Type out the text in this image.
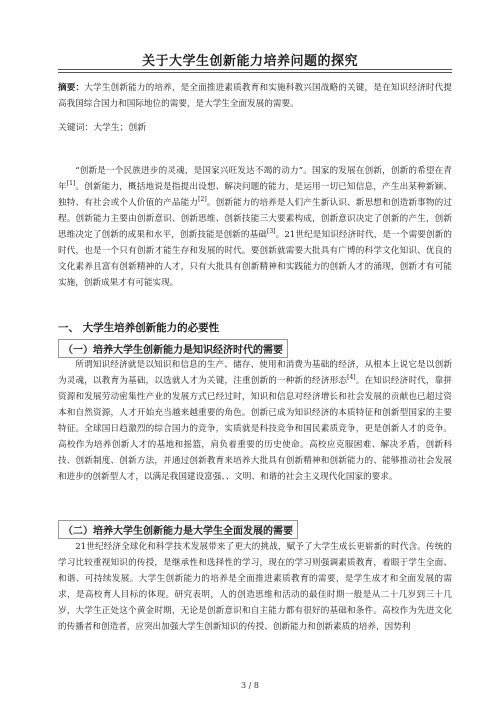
关于大学生创新能力培养问题的探究
摘要：大学生创新能力的培养，是全面推进素质教育和实施科教兴国战略的关键，是在知识经济时代提高我国综合国力和国际地位的需要，是大学生全面发展的需要。
关键词：大学生；创新

“创新是一个民族进步的灵魂，是国家兴旺发达不竭的动力”。国家的发展在创新，创新的希望在青年[1]。创新能力，概括地说是指提出设想、解决问题的能力，是运用一切已知信息，产生出某种新颖、独特、有社会或个人价值的产品能力[2]。创新能力的培养是人们产生新认识、新思想和创造新事物的过程。创新能力主要由创新意识、创新思维、创新技能三大要素构成，创新意识决定了创新的产生，创新思维决定了创新的成果和水平，创新技能是创新的基础[3]。21世纪是知识经济时代，是一个需要创新的时代，也是一个只有创新才能生存和发展的时代。要创新就需要大批具有广博的科学文化知识、优良的文化素养且富有创新精神的人才，只有大批具有创新精神和实践能力的创新人才的涌现，创新才有可能实施，创新成果才有可能实现。

一、 大学生培养创新能力的必要性
（一）培养大学生创新能力是知识经济时代的需要

所谓知识经济就是以知识和信息的生产、储存、使用和消费为基础的经济，从根本上说它是以创新为灵魂，以教育为基础，以选就人才为关键，注重创新的一种新的经济形态[4]。在知识经济时代，靠拼资源和发展劳动密集性产业的发展方式已经过时，知识和信息对经济增长和社会发展的贡献也已超过资本和自然资源，人才开始充当越来越重要的角色。创新已成为知识经济的本质特征和创新型国家的主要特征。全球国日趋激烈的综合国力的竞争，实质就是科技竞争和国民素质竞争，更是创新人才的竞争。高校作为培养创新人才的基地和摇篮，肩负着重要的历史使命。高校应克服困难、解决矛盾，创新科技、创新制度、创新方法，并通过创新教育来培养大批具有创新精神和创新能力的、能够推动社会发展和进步的创新型人才，以满足我国建设富强、、文明、和谐的社会主义现代化国家的要求。

（二）培养大学生创新能力是大学生全面发展的需要

21世纪经济全球化和科学技术发展带来了更大的挑战，赋予了大学生成长更崭新的时代含。传统的学习比较重视知识的传授，是继承性和选择性的学习，现在的学习则强调素质教育，着眼于学生全面、和谐、可持续发展。大学生创新能力的培养是全面推进素质教育的需要，是学生成才和全面发展的需求，是高校育人目标的体现。研究表明，人的创造思维和活动的最佳时期一般是从二十几岁到三十几岁，大学生正处这个黄金时期，无论是创新意识和自主能力都有很好的基础和条件。高校作为先进文化的传播者和创造者，应突出加强大学生创新知识的传授、创新能力和创新素质的培养，因势利

3 / 8
